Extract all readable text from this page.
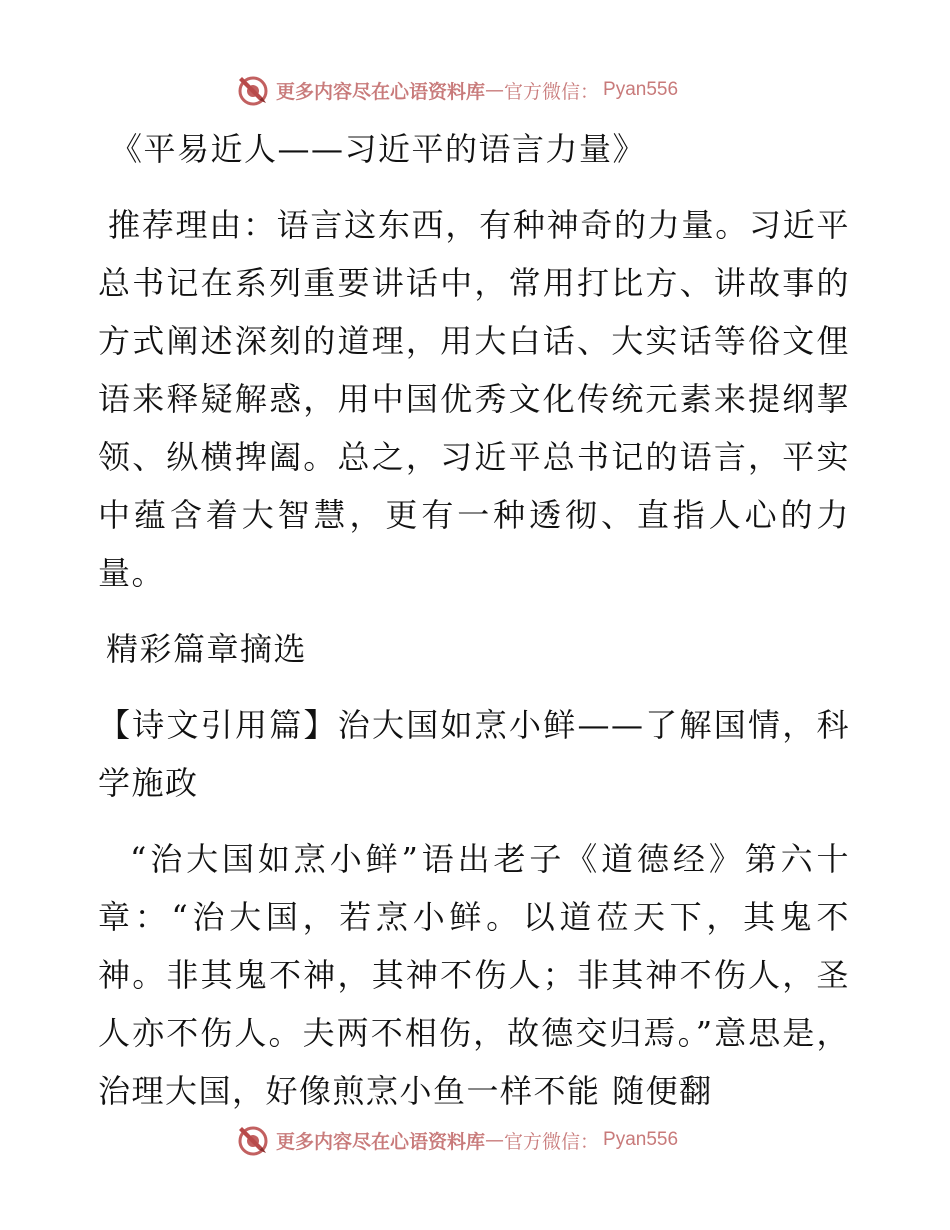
更多内容尽在心语资料库 — 官方微信 ： Pyan556

《平易近人——习近平的语言力量》

推荐理由：语言这东西，有种神奇的力量。习近平总书记在系列重要讲话中，常用打比方、讲故事的方式阐述深刻的道理，用大白话、大实话等俗文俚语来释疑解惑，用中国优秀文化传统元素来提纲挈领、纵横捭阖。总之，习近平总书记的语言，平实中蕴含着大智慧，更有一种透彻、直指人心的力量。

精彩篇章摘选

【诗文引用篇】治大国如烹小鲜——了解国情，科学施政

“治大国如烹小鲜”语出老子《道德经》第六十章：“治大国，若烹小鲜。以道莅天下，其鬼不神。非其鬼不神，其神不伤人；非其神不伤人，圣人亦不伤人。夫两不相伤，故德交归焉。”意思是，治理大国，好像煎烹小鱼一样不能 随便翻

更多内容尽在心语资料库 — 官方微信 ： Pyan556
